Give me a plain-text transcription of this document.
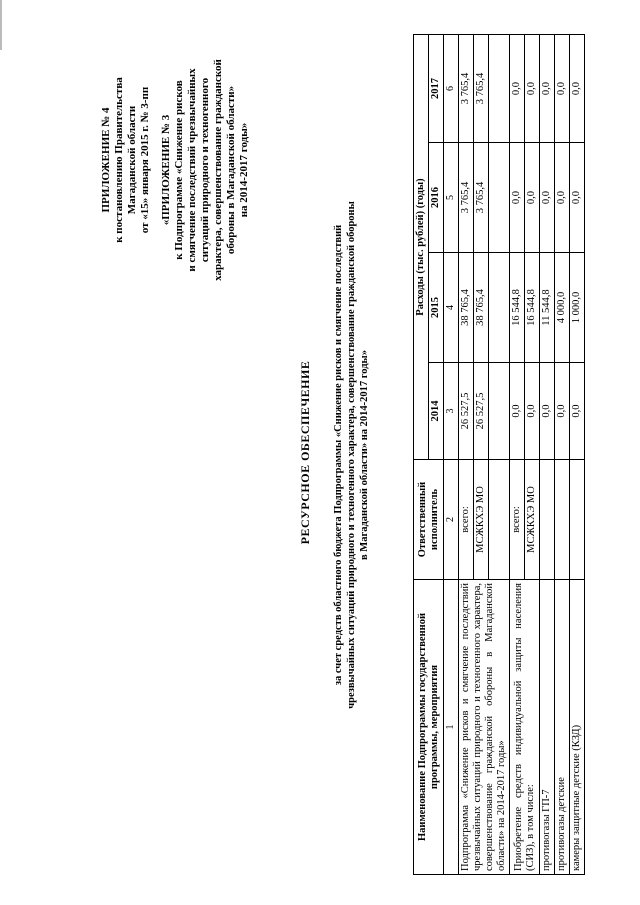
ПРИЛОЖЕНИЕ № 4 к постановлению Правительства Магаданской области от «15» января 2015 г. № 3-пп «ПРИЛОЖЕНИЕ № 3 к Подпрограмме «Снижение рисков и смягчение последствий чрезвычайных ситуаций природного и техногенного характера, совершенствование гражданской обороны в Магаданской области» на 2014-2017 годы»
РЕСУРСНОЕ ОБЕСПЕЧЕНИЕ за счет средств областного бюджета Подпрограммы «Снижение рисков и смягчение последствий чрезвычайных ситуаций природного и техногенного характера, совершенствование гражданской обороны в Магаданской области» на 2014-2017 годы»
Наименование Подпрограммы государственной программы, мероприятия	Ответственный исполнитель	Расходы (тыс. рублей) (годы)			
		2014	2015	2016	2017
1	2	3	4	5	6
Подпрограмма «Снижение рисков и смягчение последствий чрезвычайных ситуаций природного и техногенного характера, совершенствование гражданской обороны в Магаданской области» на 2014-2017 годы»	всего:	26 527,5	38 765,4	3 765,4	3 765,4
	МСЖКХЭ МО	26 527,5	38 765,4	3 765,4	3 765,4

Приобретение средств индивидуальной защиты населения (СИЗ), в том числе:	всего:	0,0	16 544,8	0,0	0,0
	МСЖКХЭ МО	0,0	16 544,8	0,0	0,0
противогазы ГП-7		0,0	11 544,8	0,0	0,0
противогазы детские		0,0	4 000,0	0,0	0,0
камеры защитные детские (КЗД)		0,0	1 000,0	0,0	0,0
